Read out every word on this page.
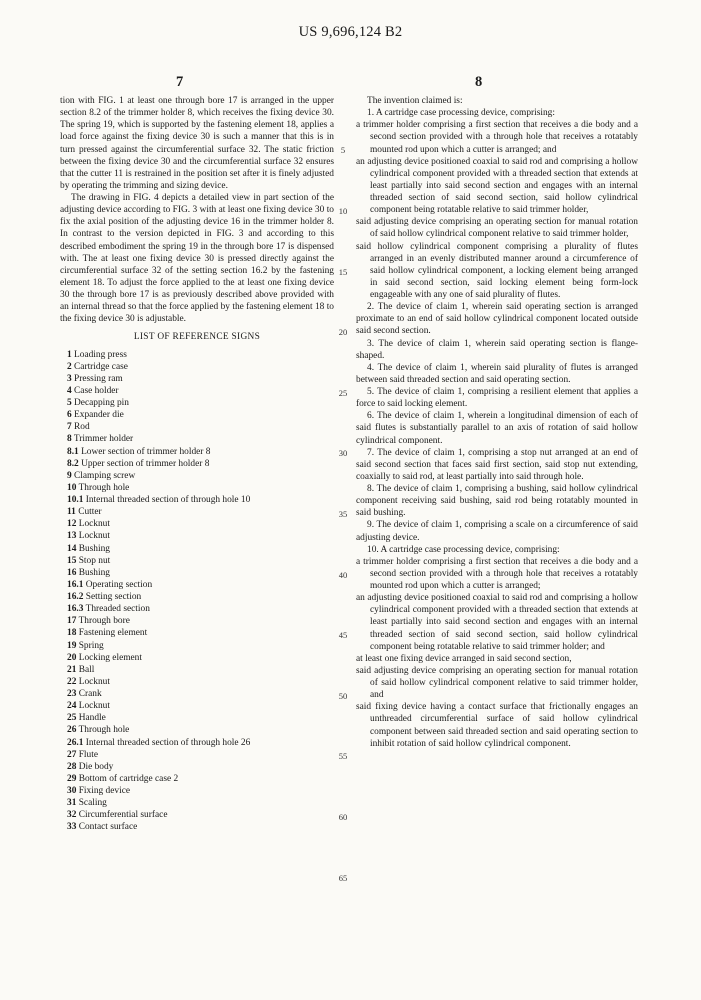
US 9,696,124 B2
7	8

tion with FIG. 1 at least one through bore 17 is arranged in the upper section 8.2 of the trimmer holder 8, which receives the fixing device 30. The spring 19, which is supported by the fastening element 18, applies a load force against the fixing device 30 is such a manner that this is in turn pressed against the circumferential surface 32. The static friction between the fixing device 30 and the circumferential surface 32 ensures that the cutter 11 is restrained in the position set after it is finely adjusted by operating the trimming and sizing device.

The drawing in FIG. 4 depicts a detailed view in part section of the adjusting device according to FIG. 3 with at least one fixing device 30 to fix the axial position of the adjusting device 16 in the trimmer holder 8. In contrast to the version depicted in FIG. 3 and according to this described embodiment the spring 19 in the through bore 17 is dispensed with. The at least one fixing device 30 is pressed directly against the circumferential surface 32 of the setting section 16.2 by the fastening element 18. To adjust the force applied to the at least one fixing device 30 the through bore 17 is as previously described above provided with an internal thread so that the force applied by the fastening element 18 to the fixing device 30 is adjustable.

LIST OF REFERENCE SIGNS

1 Loading press
2 Cartridge case
3 Pressing ram
4 Case holder
5 Decapping pin
6 Expander die
7 Rod
8 Trimmer holder
8.1 Lower section of trimmer holder 8
8.2 Upper section of trimmer holder 8
9 Clamping screw
10 Through hole
10.1 Internal threaded section of through hole 10
11 Cutter
12 Locknut
13 Locknut
14 Bushing
15 Stop nut
16 Bushing
16.1 Operating section
16.2 Setting section
16.3 Threaded section
17 Through bore
18 Fastening element
19 Spring
20 Locking element
21 Ball
22 Locknut
23 Crank
24 Locknut
25 Handle
26 Through hole
26.1 Internal threaded section of through hole 26
27 Flute
28 Die body
29 Bottom of cartridge case 2
30 Fixing device
31 Scaling
32 Circumferential surface
33 Contact surface
5
10
15
20
25
30
35
40
45
50
55
60
65

The invention claimed is:

1. A cartridge case processing device, comprising:

a trimmer holder comprising a first section that receives a die body and a second section provided with a through hole that receives a rotatably mounted rod upon which a cutter is arranged; and

an adjusting device positioned coaxial to said rod and comprising a hollow cylindrical component provided with a threaded section that extends at least partially into said second section and engages with an internal threaded section of said second section, said hollow cylindrical component being rotatable relative to said trimmer holder,

said adjusting device comprising an operating section for manual rotation of said hollow cylindrical component relative to said trimmer holder,

said hollow cylindrical component comprising a plurality of flutes arranged in an evenly distributed manner around a circumference of said hollow cylindrical component, a locking element being arranged in said second section, said locking element being form-lock engageable with any one of said plurality of flutes.

2. The device of claim 1, wherein said operating section is arranged proximate to an end of said hollow cylindrical component located outside said second section.

3. The device of claim 1, wherein said operating section is flange-shaped.

4. The device of claim 1, wherein said plurality of flutes is arranged between said threaded section and said operating section.

5. The device of claim 1, comprising a resilient element that applies a force to said locking element.

6. The device of claim 1, wherein a longitudinal dimension of each of said flutes is substantially parallel to an axis of rotation of said hollow cylindrical component.

7. The device of claim 1, comprising a stop nut arranged at an end of said second section that faces said first section, said stop nut extending, coaxially to said rod, at least partially into said through hole.

8. The device of claim 1, comprising a bushing, said hollow cylindrical component receiving said bushing, said rod being rotatably mounted in said bushing.

9. The device of claim 1, comprising a scale on a circumference of said adjusting device.

10. A cartridge case processing device, comprising:

a trimmer holder comprising a first section that receives a die body and a second section provided with a through hole that receives a rotatably mounted rod upon which a cutter is arranged;

an adjusting device positioned coaxial to said rod and comprising a hollow cylindrical component provided with a threaded section that extends at least partially into said second section and engages with an internal threaded section of said second section, said hollow cylindrical component being rotatable relative to said trimmer holder; and

at least one fixing device arranged in said second section,

said adjusting device comprising an operating section for manual rotation of said hollow cylindrical component relative to said trimmer holder, and

said fixing device having a contact surface that frictionally engages an unthreaded circumferential surface of said hollow cylindrical component between said threaded section and said operating section to inhibit rotation of said hollow cylindrical component.
